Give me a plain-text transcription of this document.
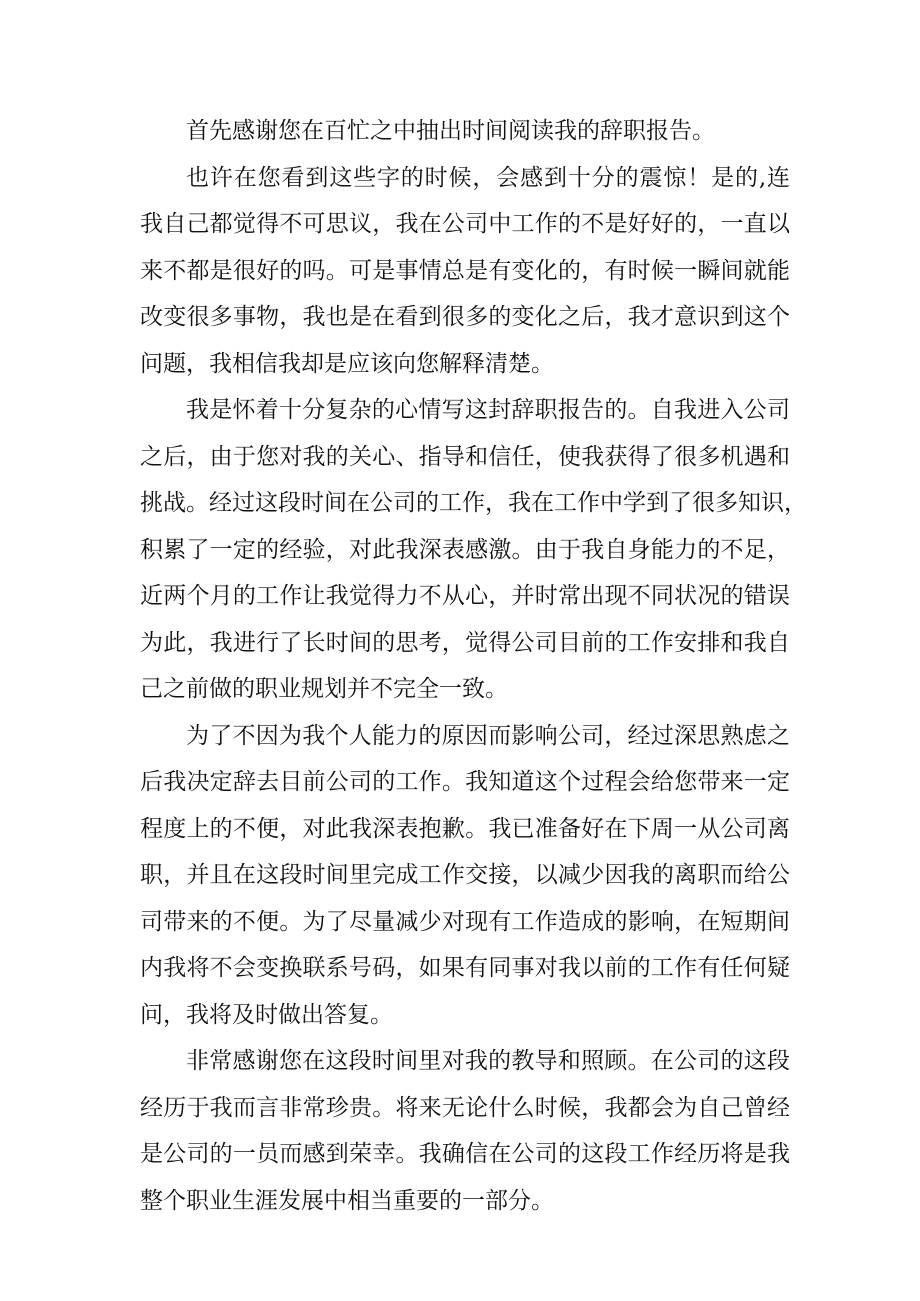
首先感谢您在百忙之中抽出时间阅读我的辞职报告。

也许在您看到这些字的时候，会感到十分的震惊！是的,连
我自己都觉得不可思议，我在公司中工作的不是好好的，一直以
来不都是很好的吗。可是事情总是有变化的，有时候一瞬间就能
改变很多事物，我也是在看到很多的变化之后，我才意识到这个
问题，我相信我却是应该向您解释清楚。

我是怀着十分复杂的心情写这封辞职报告的。自我进入公司
之后，由于您对我的关心、指导和信任，使我获得了很多机遇和
挑战。经过这段时间在公司的工作，我在工作中学到了很多知识，
积累了一定的经验，对此我深表感激。由于我自身能力的不足，
近两个月的工作让我觉得力不从心，并时常出现不同状况的错误
为此，我进行了长时间的思考，觉得公司目前的工作安排和我自
己之前做的职业规划并不完全一致。

为了不因为我个人能力的原因而影响公司，经过深思熟虑之
后我决定辞去目前公司的工作。我知道这个过程会给您带来一定
程度上的不便，对此我深表抱歉。我已准备好在下周一从公司离
职，并且在这段时间里完成工作交接，以减少因我的离职而给公
司带来的不便。为了尽量减少对现有工作造成的影响，在短期间
内我将不会变换联系号码，如果有同事对我以前的工作有任何疑
问，我将及时做出答复。

非常感谢您在这段时间里对我的教导和照顾。在公司的这段
经历于我而言非常珍贵。将来无论什么时候，我都会为自己曾经
是公司的一员而感到荣幸。我确信在公司的这段工作经历将是我
整个职业生涯发展中相当重要的一部分。
